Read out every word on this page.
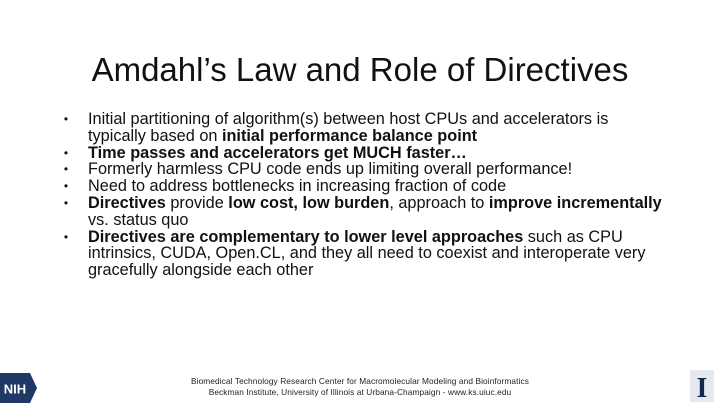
Amdahl’s Law and Role of Directives
• Initial partitioning of algorithm(s) between host CPUs and accelerators is typically based on initial performance balance point
• Time passes and accelerators get MUCH faster…
• Formerly harmless CPU code ends up limiting overall performance!
• Need to address bottlenecks in increasing fraction of code
• Directives provide low cost, low burden, approach to improve incrementally vs. status quo
• Directives are complementary to lower level approaches such as CPU intrinsics, CUDA, Open.CL, and they all need to coexist and interoperate very gracefully alongside each other
Biomedical Technology Research Center for Macromolecular Modeling and Bioinformatics
Beckman Institute, University of Illinois at Urbana-Champaign - www.ks.uiuc.edu
NIH	I
